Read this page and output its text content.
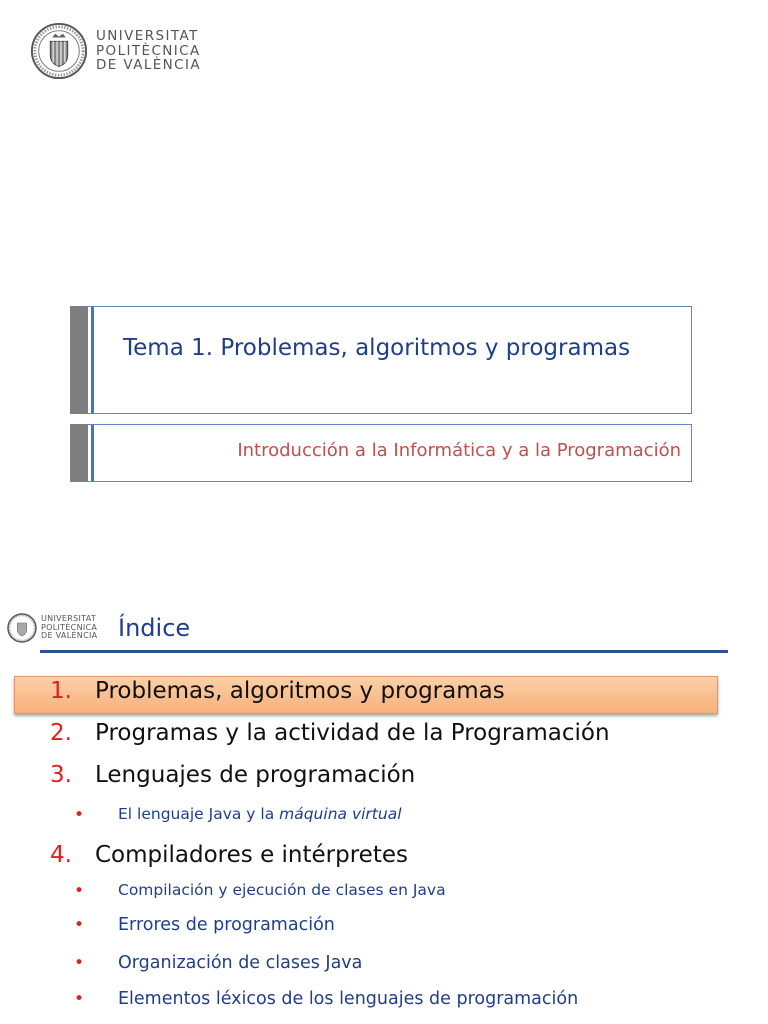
UNIVERSITAT
POLITÈCNICA
DE VALÈNCIA
Tema 1. Problemas, algoritmos y programas
Introducción a la Informática y a la Programación
UNIVERSITAT
POLITÈCNICA
DE VALÈNCIA Índice
1. Problemas, algoritmos y programas
2. Programas y la actividad de la Programación
3. Lenguajes de programación
• El lenguaje Java y la máquina virtual
4. Compiladores e intérpretes
• Compilación y ejecución de clases en Java
• Errores de programación
• Organización de clases Java
• Elementos léxicos de los lenguajes de programación
